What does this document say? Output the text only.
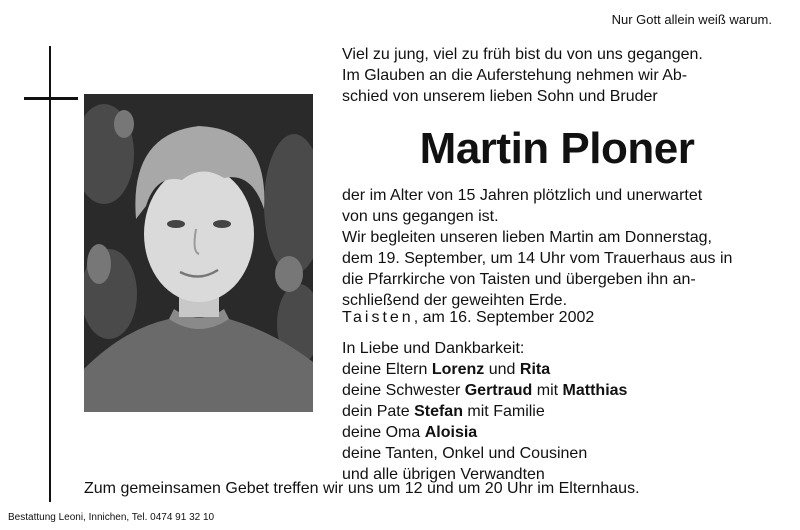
Nur Gott allein weiß warum.
Viel zu jung, viel zu früh bist du von uns gegangen.
Im Glauben an die Auferstehung nehmen wir Ab-
schied von unserem lieben Sohn und Bruder
Martin Ploner
der im Alter von 15 Jahren plötzlich und unerwartet
von uns gegangen ist.
Wir begleiten unseren lieben Martin am Donnerstag,
dem 19. September, um 14 Uhr vom Trauerhaus aus in
die Pfarrkirche von Taisten und übergeben ihn an-
schließend der geweihten Erde.
Taisten, am 16. September 2002
In Liebe und Dankbarkeit:
deine Eltern Lorenz und Rita
deine Schwester Gertraud mit Matthias
dein Pate Stefan mit Familie
deine Oma Aloisia
deine Tanten, Onkel und Cousinen
und alle übrigen Verwandten
Zum gemeinsamen Gebet treffen wir uns um 12 und um 20 Uhr im Elternhaus.
Bestattung Leoni, Innichen, Tel. 0474 91 32 10
